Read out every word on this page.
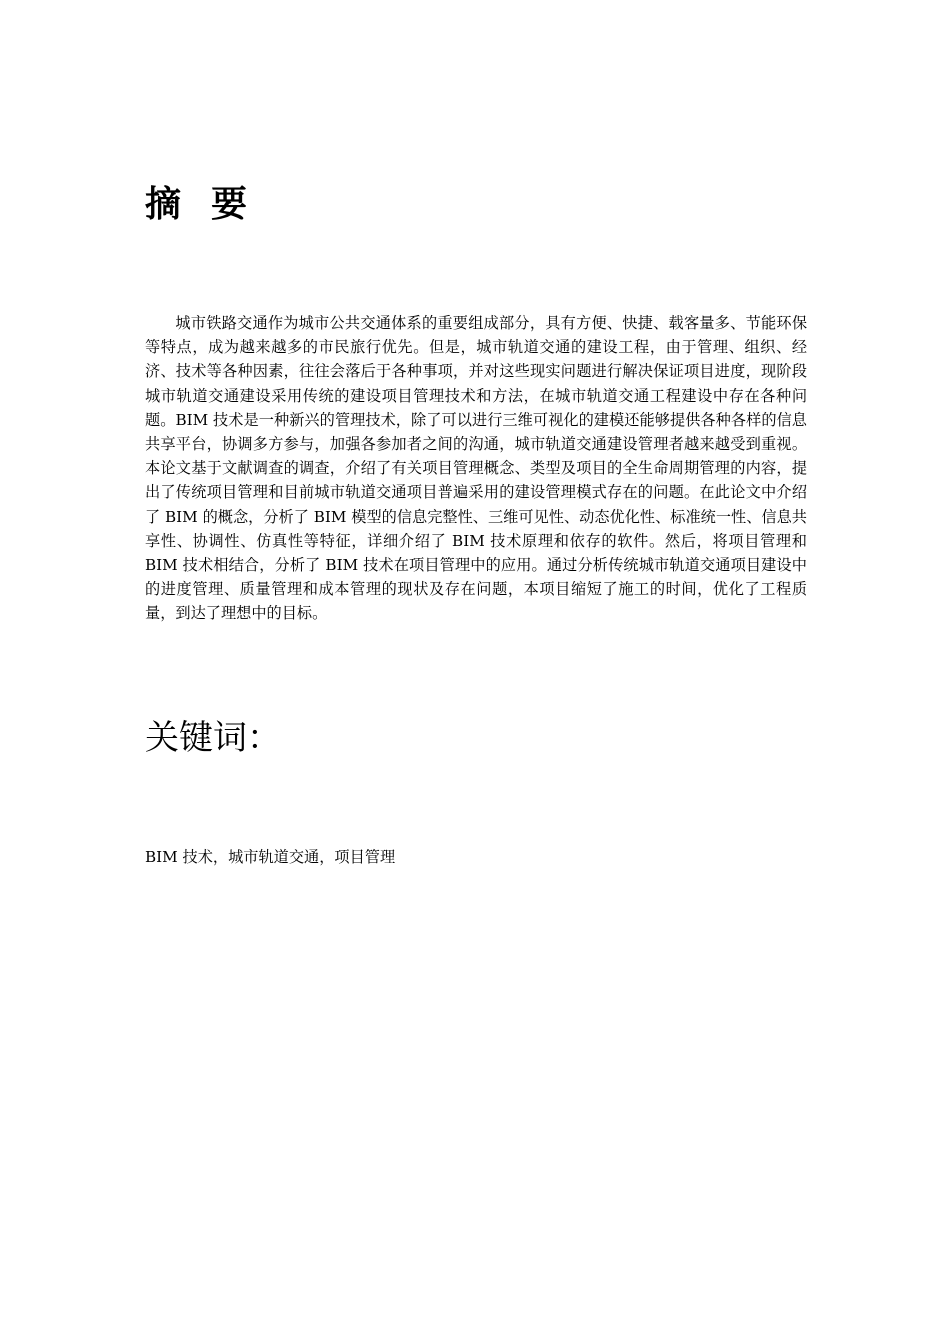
摘要

城市铁路交通作为城市公共交通体系的重要组成部分，具有方便、快捷、载客量多、节能环保等特点，成为越来越多的市民旅行优先。但是，城市轨道交通的建设工程，由于管理、组织、经济、技术等各种因素，往往会落后于各种事项，并对这些现实问题进行解决保证项目进度，现阶段城市轨道交通建设采用传统的建设项目管理技术和方法，在城市轨道交通工程建设中存在各种问题。BIM 技术是一种新兴的管理技术，除了可以进行三维可视化的建模还能够提供各种各样的信息共享平台，协调多方参与，加强各参加者之间的沟通，城市轨道交通建设管理者越来越受到重视。本论文基于文献调查的调查，介绍了有关项目管理概念、类型及项目的全生命周期管理的内容，提出了传统项目管理和目前城市轨道交通项目普遍采用的建设管理模式存在的问题。在此论文中介绍了 BIM 的概念，分析了 BIM 模型的信息完整性、三维可见性、动态优化性、标准统一性、信息共享性、协调性、仿真性等特征，详细介绍了 BIM 技术原理和依存的软件。然后，将项目管理和 BIM 技术相结合，分析了 BIM 技术在项目管理中的应用。通过分析传统城市轨道交通项目建设中的进度管理、质量管理和成本管理的现状及存在问题，本项目缩短了施工的时间，优化了工程质量，到达了理想中的目标。

关键词：

BIM 技术，城市轨道交通，项目管理
